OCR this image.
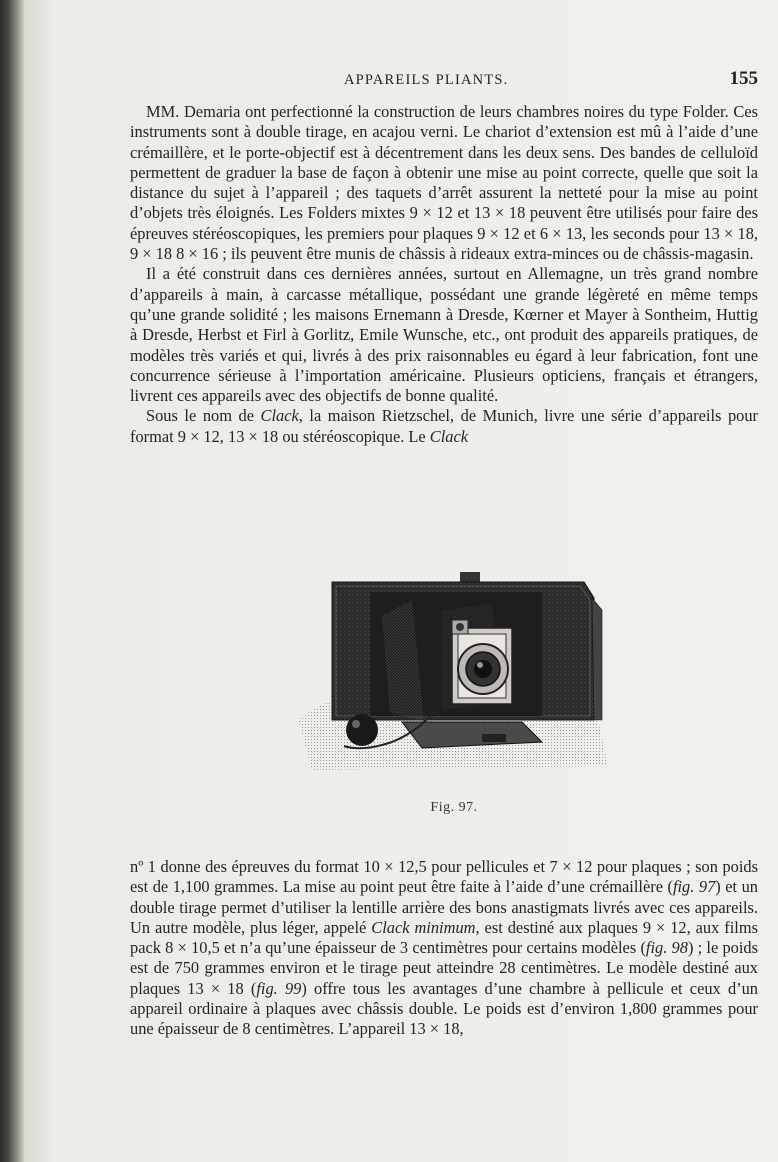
APPAREILS PLIANTS.	155

MM. Demaria ont perfectionné la construction de leurs chambres noires du type Folder. Ces instruments sont à double tirage, en acajou verni. Le chariot d’extension est mû à l’aide d’une crémaillère, et le porte-objectif est à décentrement dans les deux sens. Des bandes de celluloïd permettent de graduer la base de façon à obtenir une mise au point correcte, quelle que soit la distance du sujet à l’appareil ; des taquets d’arrêt assurent la netteté pour la mise au point d’objets très éloignés. Les Folders mixtes 9 × 12 et 13 × 18 peuvent être utilisés pour faire des épreuves stéréoscopiques, les premiers pour plaques 9 × 12 et 6 × 13, les seconds pour 13 × 18, 9 × 18 8 × 16 ; ils peuvent être munis de châssis à rideaux extra-minces ou de châssis-magasin.

Il a été construit dans ces dernières années, surtout en Allemagne, un très grand nombre d’appareils à main, à carcasse métallique, possédant une grande légèreté en même temps qu’une grande solidité ; les maisons Ernemann à Dresde, Kœrner et Mayer à Sontheim, Huttig à Dresde, Herbst et Firl à Gorlitz, Emile Wunsche, etc., ont produit des appareils pratiques, de modèles très variés et qui, livrés à des prix raisonnables eu égard à leur fabrication, font une concurrence sérieuse à l’importation américaine. Plusieurs opticiens, français et étrangers, livrent ces appareils avec des objectifs de bonne qualité.

Sous le nom de Clack, la maison Rietzschel, de Munich, livre une série d’appareils pour format 9 × 12, 13 × 18 ou stéréoscopique. Le Clack

Fig. 97.

nº 1 donne des épreuves du format 10 × 12,5 pour pellicules et 7 × 12 pour plaques ; son poids est de 1,100 grammes. La mise au point peut être faite à l’aide d’une crémaillère (fig. 97) et un double tirage permet d’utiliser la lentille arrière des bons anastigmats livrés avec ces appareils. Un autre modèle, plus léger, appelé Clack minimum, est destiné aux plaques 9 × 12, aux films pack 8 × 10,5 et n’a qu’une épaisseur de 3 centimètres pour certains modèles (fig. 98) ; le poids est de 750 grammes environ et le tirage peut atteindre 28 centimètres. Le modèle destiné aux plaques 13 × 18 (fig. 99) offre tous les avantages d’une chambre à pellicule et ceux d’un appareil ordinaire à plaques avec châssis double. Le poids est d’environ 1,800 grammes pour une épaisseur de 8 centimètres. L’appareil 13 × 18,
